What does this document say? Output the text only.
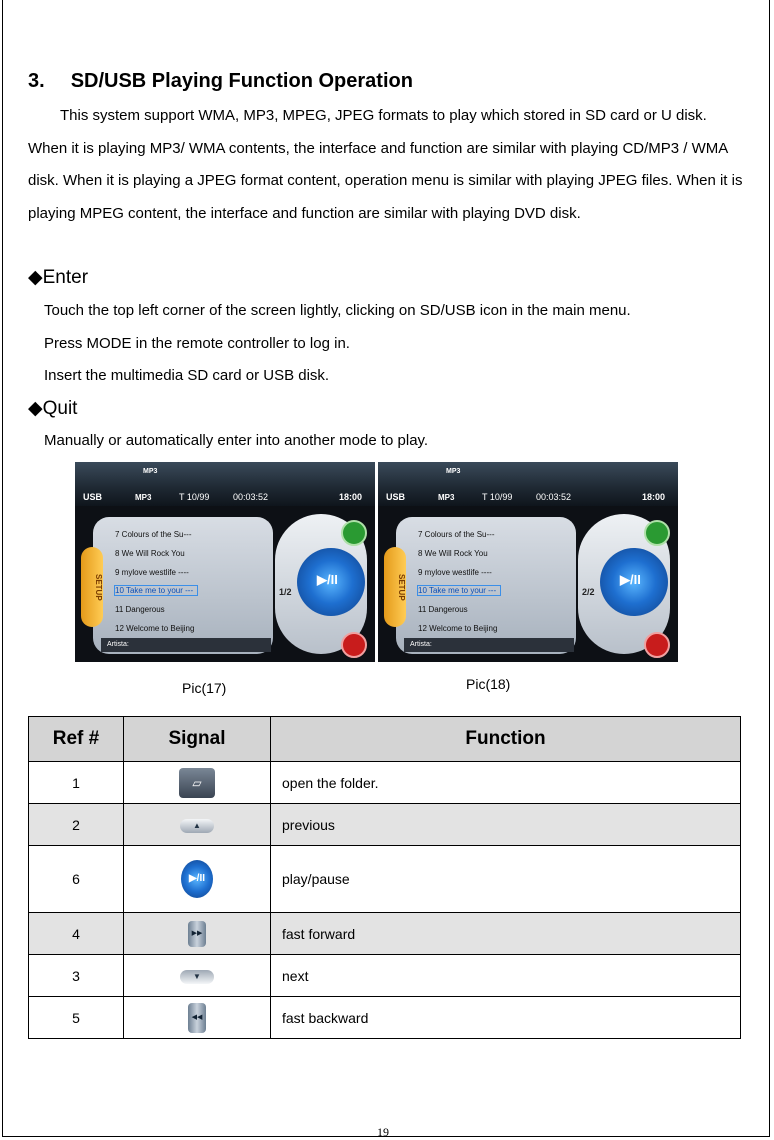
3. SD/USB Playing Function Operation
This system support WMA, MP3, MPEG, JPEG formats to play which stored in SD card or U disk. When it is playing MP3/ WMA contents, the interface and function are similar with playing CD/MP3 / WMA disk. When it is playing a JPEG format content, operation menu is similar with playing JPEG files. When it is playing MPEG content, the interface and function are similar with playing DVD disk.
◆Enter
Touch the top left corner of the screen lightly, clicking on SD/USB icon in the main menu.
Press MODE in the remote controller to log in.
Insert the multimedia SD card or USB disk.
◆Quit
Manually or automatically enter into another mode to play.
USB
MP3
MP3	T 10/99	00:03:52	18:00
SETUP
7 Colours of the Su---
8 We Will Rock You
9 mylove westlife ----
10 Take me to your ---
11 Dangerous
12 Welcome to Beijing
Artista:
1/2
▶/II
USB
MP3
MP3	T 10/99	00:03:52	18:00
SETUP
7 Colours of the Su---
8 We Will Rock You
9 mylove westlife ----
10 Take me to your ---
11 Dangerous
12 Welcome to Beijing
Artista:
2/2
▶/II
Pic(17)	Pic(18)
Ref #	Signal	Function
1	▱	open the folder.
2	▲	previous
6	▶/II	play/pause
4	▶▶	fast forward
3	▼	next
5	◀◀	fast backward
19
